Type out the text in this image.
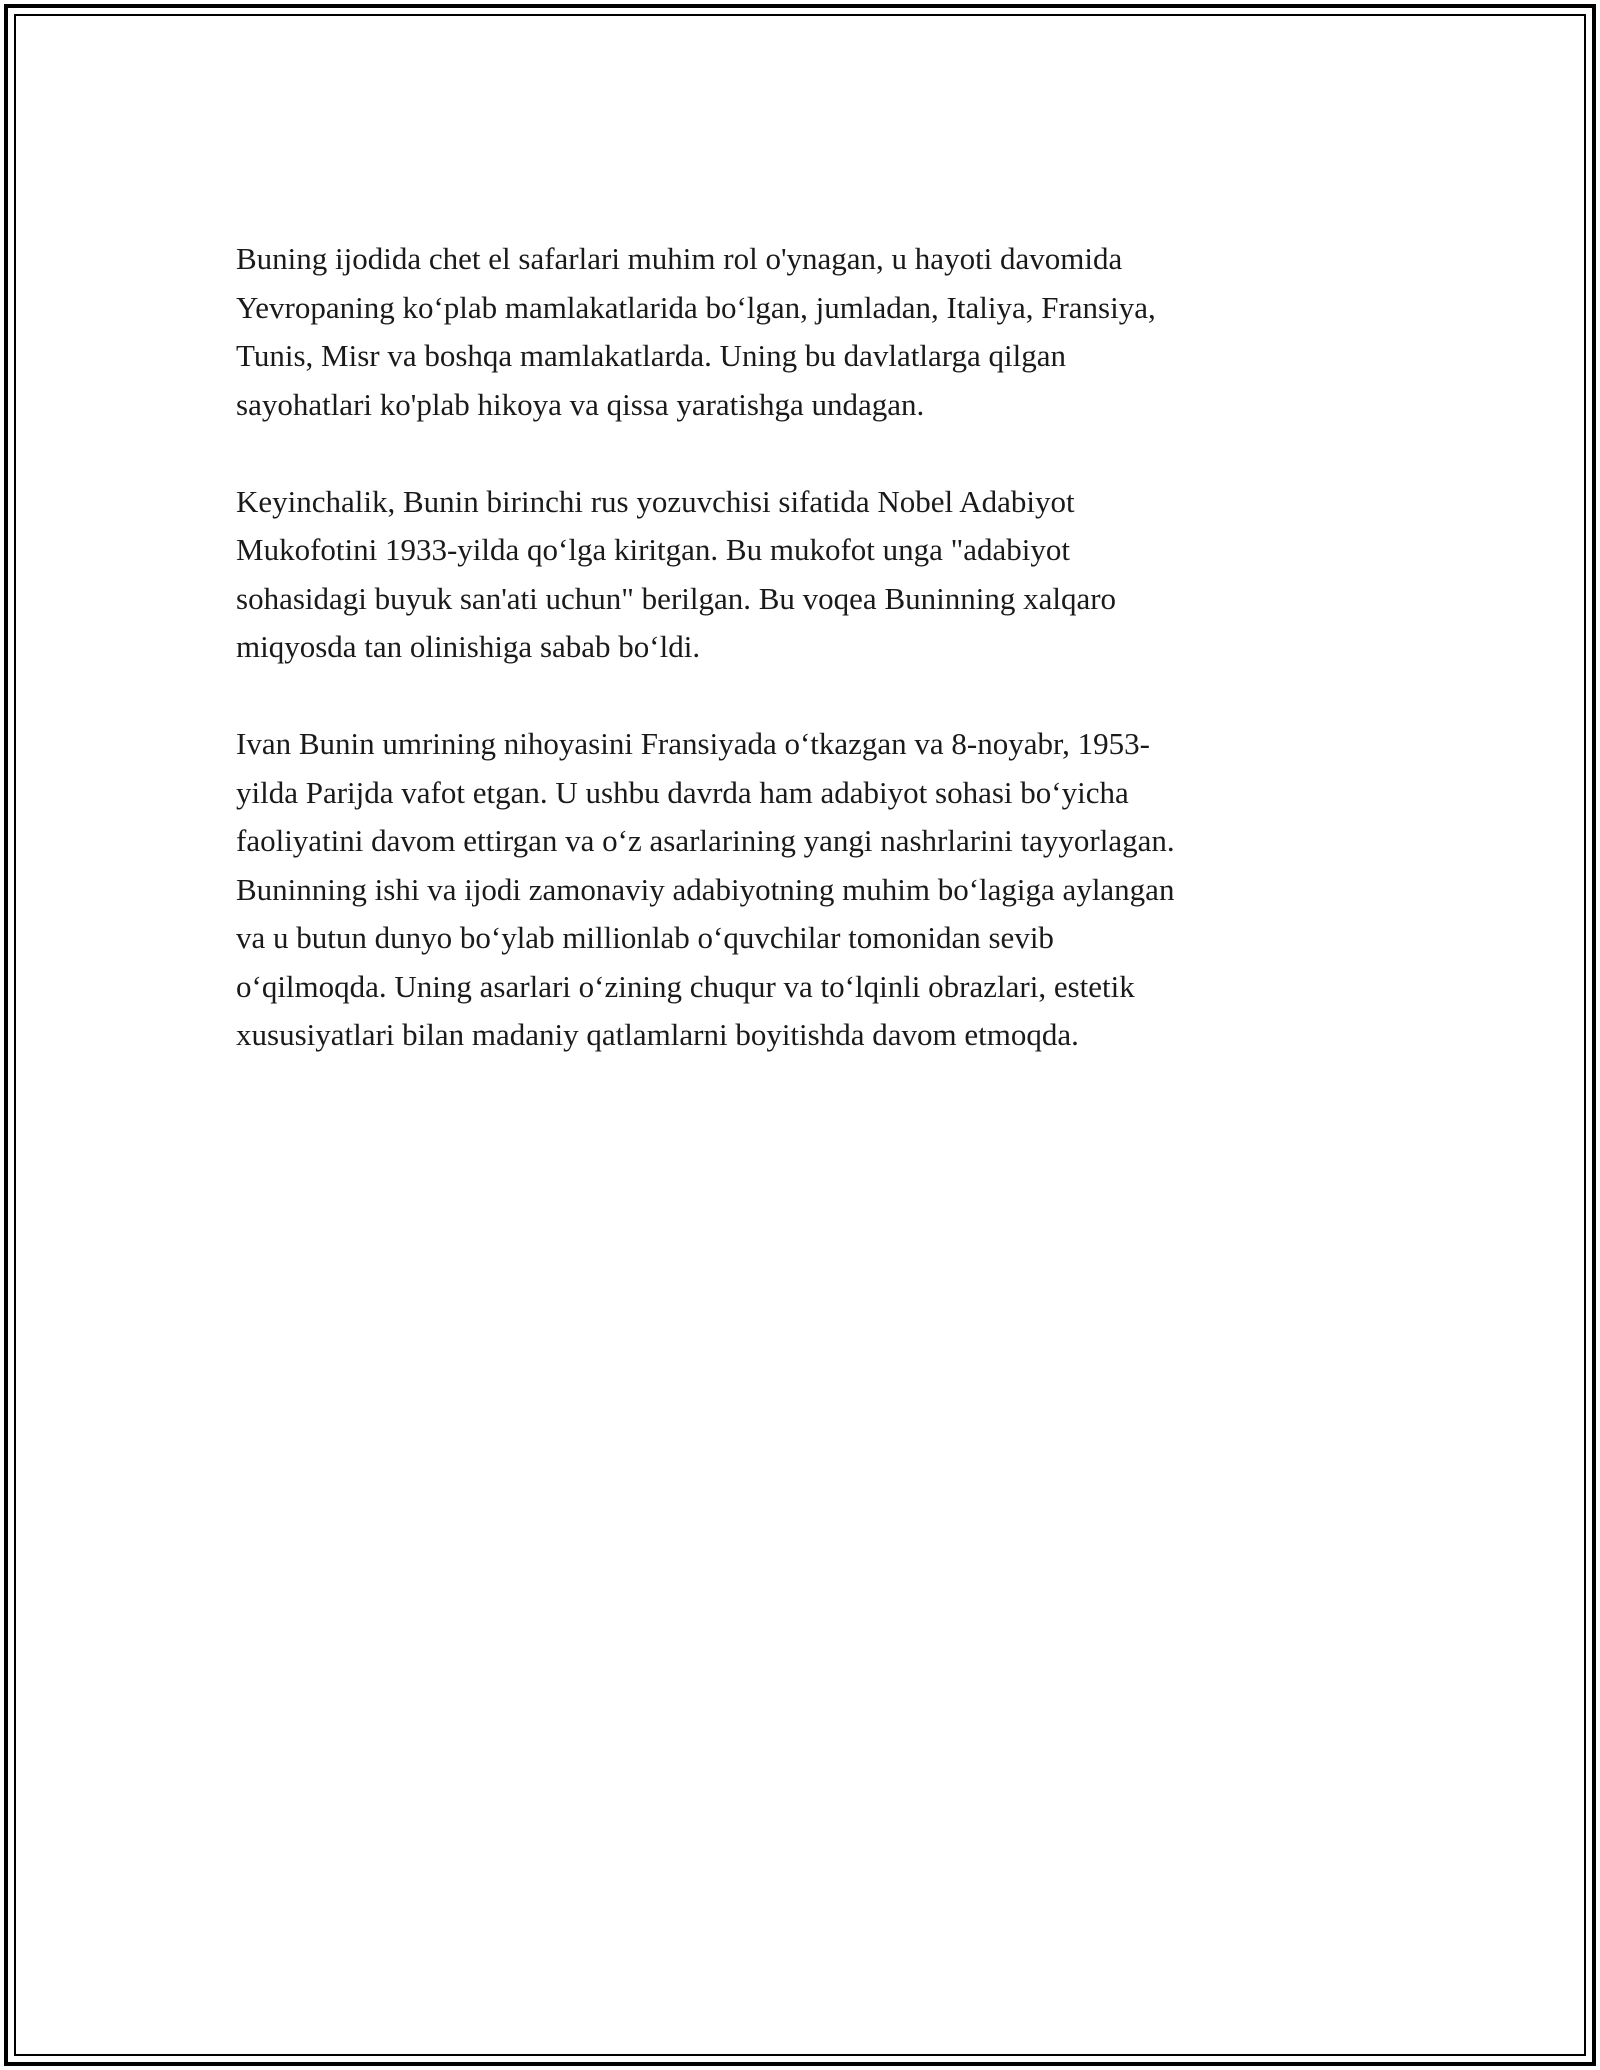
Buning ijodida chet el safarlari muhim rol o'ynagan, u hayoti davomida
Yevropaning ko‘plab mamlakatlarida bo‘lgan, jumladan, Italiya, Fransiya,
Tunis, Misr va boshqa mamlakatlarda. Uning bu davlatlarga qilgan
sayohatlari ko'plab hikoya va qissa yaratishga undagan.

Keyinchalik, Bunin birinchi rus yozuvchisi sifatida Nobel Adabiyot
Mukofotini 1933-yilda qo‘lga kiritgan. Bu mukofot unga "adabiyot
sohasidagi buyuk san'ati uchun" berilgan. Bu voqea Buninning xalqaro
miqyosda tan olinishiga sabab bo‘ldi.

Ivan Bunin umrining nihoyasini Fransiyada o‘tkazgan va 8-noyabr, 1953-
yilda Parijda vafot etgan. U ushbu davrda ham adabiyot sohasi bo‘yicha
faoliyatini davom ettirgan va o‘z asarlarining yangi nashrlarini tayyorlagan.
Buninning ishi va ijodi zamonaviy adabiyotning muhim bo‘lagiga aylangan
va u butun dunyo bo‘ylab millionlab o‘quvchilar tomonidan sevib
o‘qilmoqda. Uning asarlari o‘zining chuqur va to‘lqinli obrazlari, estetik
xususiyatlari bilan madaniy qatlamlarni boyitishda davom etmoqda.
